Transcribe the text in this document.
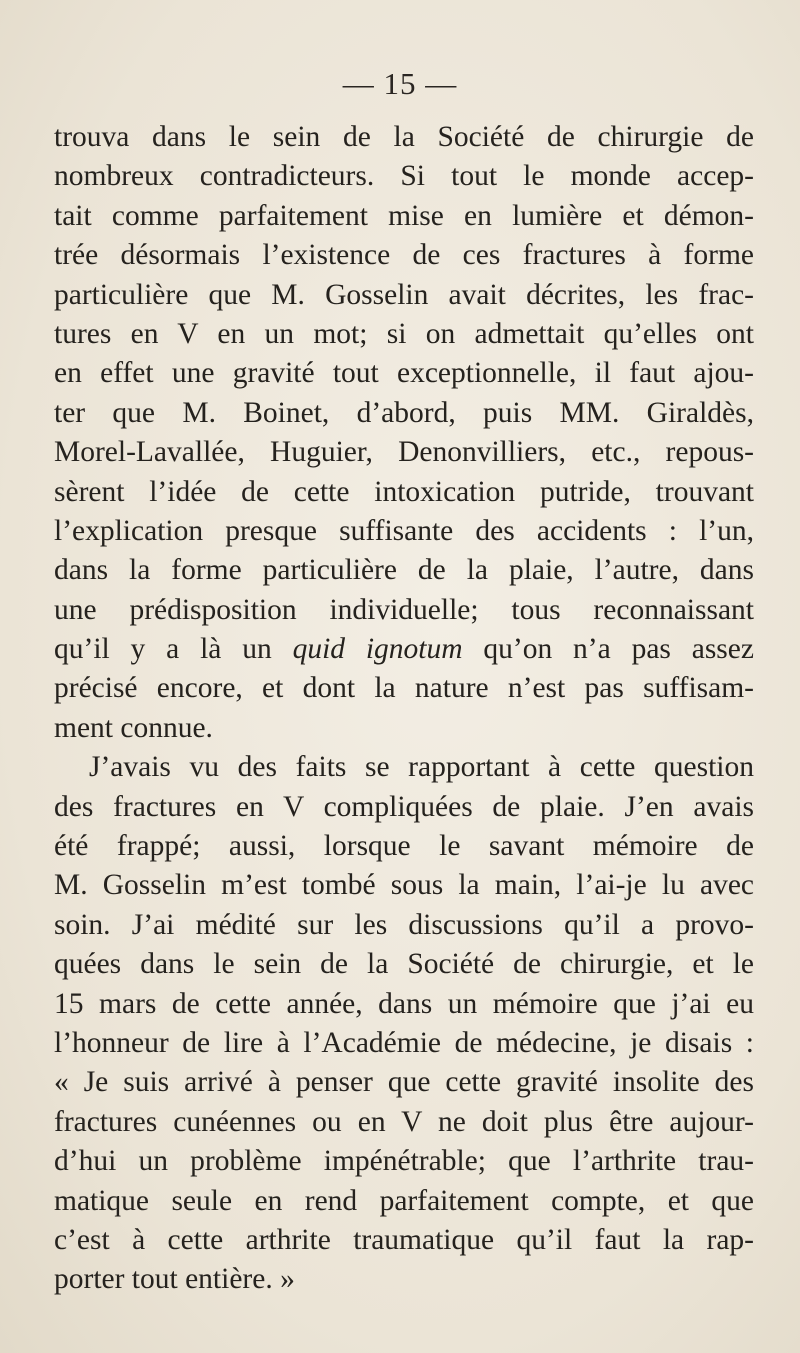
— 15 —
trouva dans le sein de la Société de chirurgie de
nombreux contradicteurs. Si tout le monde accep-
tait comme parfaitement mise en lumière et démon-
trée désormais l’existence de ces fractures à forme
particulière que M. Gosselin avait décrites, les frac-
tures en V en un mot; si on admettait qu’elles ont
en effet une gravité tout exceptionnelle, il faut ajou-
ter que M. Boinet, d’abord, puis MM. Giraldès,
Morel-Lavallée, Huguier, Denonvilliers, etc., repous-
sèrent l’idée de cette intoxication putride, trouvant
l’explication presque suffisante des accidents : l’un,
dans la forme particulière de la plaie, l’autre, dans
une prédisposition individuelle; tous reconnaissant
qu’il y a là un quid ignotum qu’on n’a pas assez
précisé encore, et dont la nature n’est pas suffisam-
ment connue.
J’avais vu des faits se rapportant à cette question
des fractures en V compliquées de plaie. J’en avais
été frappé; aussi, lorsque le savant mémoire de
M. Gosselin m’est tombé sous la main, l’ai-je lu avec
soin. J’ai médité sur les discussions qu’il a provo-
quées dans le sein de la Société de chirurgie, et le
15 mars de cette année, dans un mémoire que j’ai eu
l’honneur de lire à l’Académie de médecine, je disais :
« Je suis arrivé à penser que cette gravité insolite des
fractures cunéennes ou en V ne doit plus être aujour-
d’hui un problème impénétrable; que l’arthrite trau-
matique seule en rend parfaitement compte, et que
c’est à cette arthrite traumatique qu’il faut la rap-
porter tout entière. »
